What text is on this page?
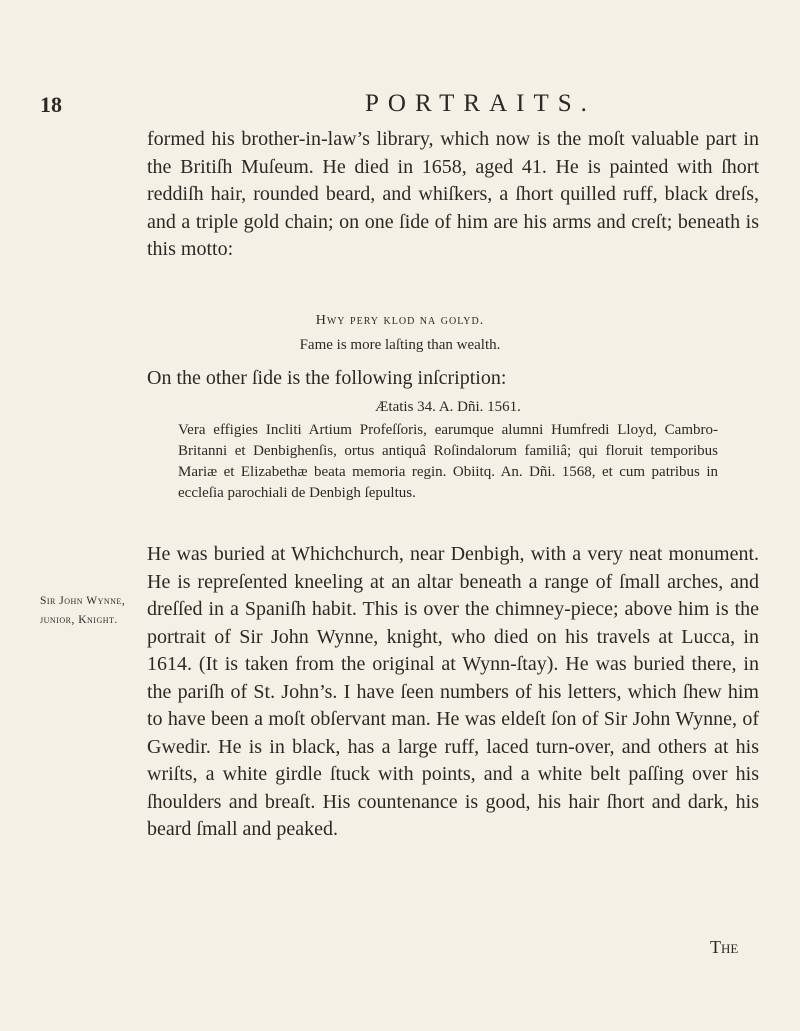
18	PORTRAITS.

formed his brother-in-law’s library, which now is the moſt valuable part in the Britiſh Muſeum. He died in 1658, aged 41. He is painted with ſhort reddiſh hair, rounded beard, and whiſkers, a ſhort quilled ruff, black dreſs, and a triple gold chain; on one ſide of him are his arms and creſt; beneath is this motto:

Hwy pery klod na golyd.
Fame is more laſting than wealth.
On the other ſide is the following inſcription:

Ætatis 34. A. Dñi. 1561.

Vera effigies Incliti Artium Profeſſoris, earumque alumni Humfredi Lloyd, Cambro-Britanni et Denbighenſis, ortus antiquâ Roſindalorum familiâ; qui floruit temporibus Mariæ et Elizabethæ beata memoria regin. Obiitq. An. Dñi. 1568, et cum patribus in eccleſia parochiali de Denbigh ſepultus.

He was buried at Whichchurch, near Denbigh, with a very neat monument. He is repreſented kneeling at an altar beneath a range of ſmall arches, and dreſſed in a Spaniſh habit. This is over the chimney-piece; above him is the portrait of Sir John Wynne, knight, who died on his travels at Lucca, in 1614. (It is taken from the original at Wynn-ſtay). He was buried there, in the pariſh of St. John’s. I have ſeen numbers of his letters, which ſhew him to have been a moſt obſervant man. He was eldeſt ſon of Sir John Wynne, of Gwedir. He is in black, has a large ruff, laced turn-over, and others at his wriſts, a white girdle ſtuck with points, and a white belt paſſing over his ſhoulders and breaſt. His countenance is good, his hair ſhort and dark, his beard ſmall and peaked.

Sir John Wynne, junior, Knight.
The
